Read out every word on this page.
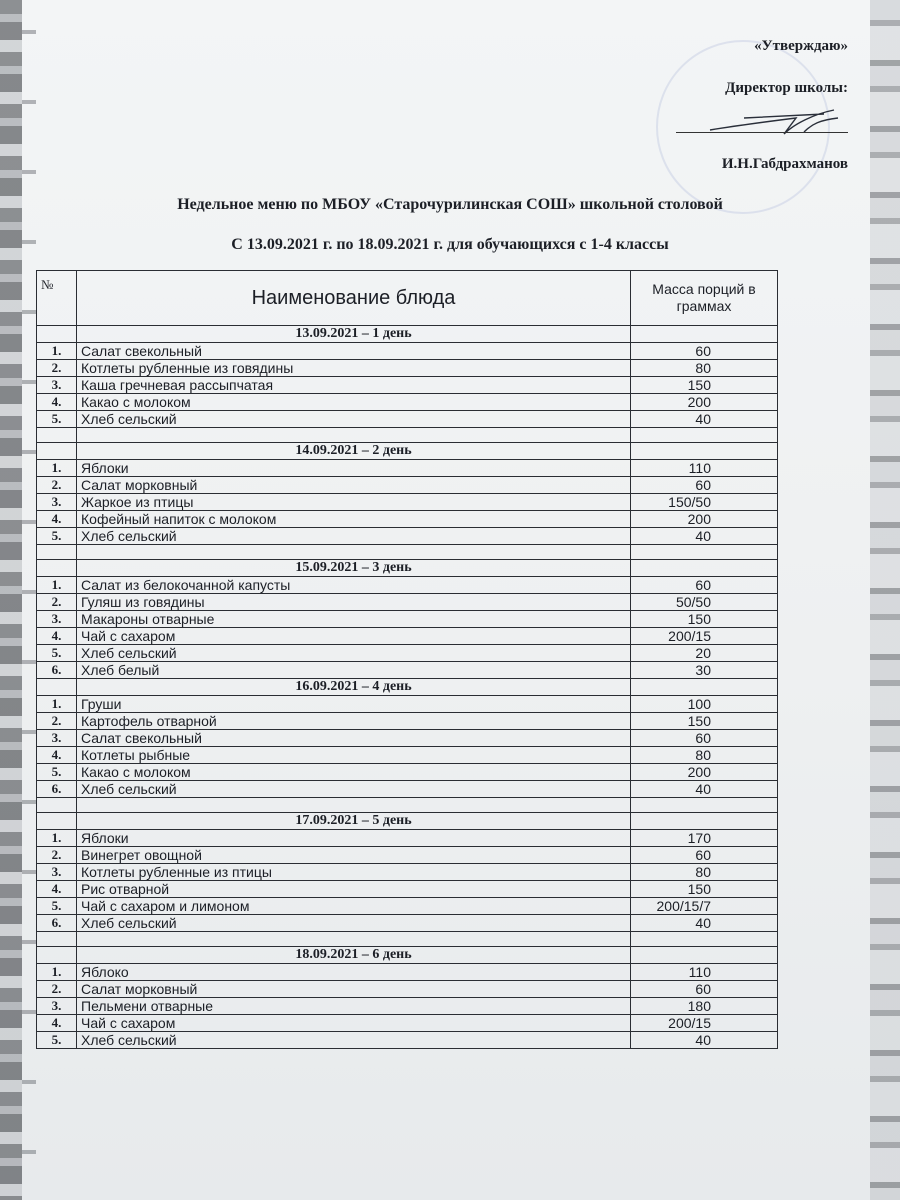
«Утверждаю»
Директор школы:
И.Н.Габдрахманов
Недельное меню по МБОУ «Старочурилинская СОШ» школьной столовой
С 13.09.2021 г. по 18.09.2021 г. для обучающихся с 1-4 классы
№	Наименование блюда	Масса порций в граммах
	13.09.2021 – 1 день	
1.	Салат свекольный	60
2.	Котлеты рубленные из говядины	80
3.	Каша гречневая рассыпчатая	150
4.	Какао с молоком	200
5.	Хлеб сельский	40

	14.09.2021 – 2 день	
1.	Яблоки	110
2.	Салат морковный	60
3.	Жаркое из птицы	150/50
4.	Кофейный напиток с молоком	200
5.	Хлеб сельский	40

	15.09.2021 – 3 день	
1.	Салат из белокочанной капусты	60
2.	Гуляш из говядины	50/50
3.	Макароны отварные	150
4.	Чай с сахаром	200/15
5.	Хлеб сельский	20
6.	Хлеб белый	30
	16.09.2021 – 4 день	
1.	Груши	100
2.	Картофель отварной	150
3.	Салат свекольный	60
4.	Котлеты рыбные	80
5.	Какао с молоком	200
6.	Хлеб сельский	40

	17.09.2021 – 5 день	
1.	Яблоки	170
2.	Винегрет овощной	60
3.	Котлеты рубленные из птицы	80
4.	Рис отварной	150
5.	Чай с сахаром и лимоном	200/15/7
6.	Хлеб сельский	40

	18.09.2021 – 6 день	
1.	Яблоко	110
2.	Салат морковный	60
3.	Пельмени отварные	180
4.	Чай с сахаром	200/15
5.	Хлеб сельский	40
